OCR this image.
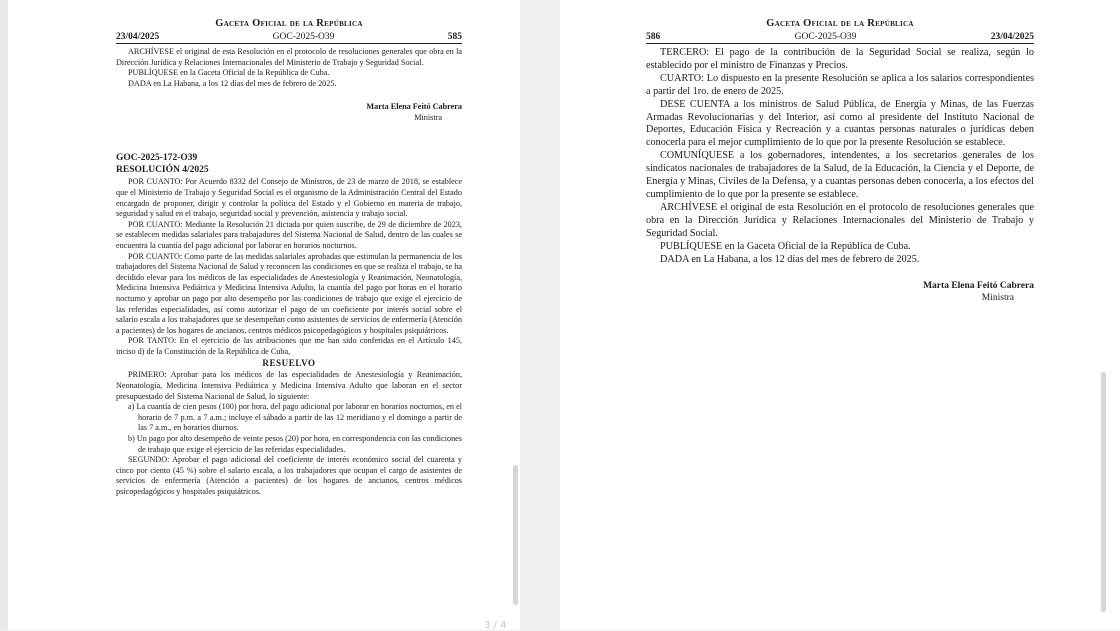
Gaceta Oficial de la República
23/04/2025	GOC-2025-O39	585

ARCHÍVESE el original de esta Resolución en el protocolo de resoluciones generales que obra en la Dirección Jurídica y Relaciones Internacionales del Ministerio de Trabajo y Seguridad Social.

PUBLÍQUESE en la Gaceta Oficial de la República de Cuba.

DADA en La Habana, a los 12 días del mes de febrero de 2025.

Marta Elena Feitó Cabrera
Ministra
GOC-2025-172-O39
RESOLUCIÓN 4/2025

POR CUANTO: Por Acuerdo 8332 del Consejo de Ministros, de 23 de marzo de 2018, se establece que el Ministerio de Trabajo y Seguridad Social es el organismo de la Administración Central del Estado encargado de proponer, dirigir y controlar la política del Estado y el Gobierno en materia de trabajo, seguridad y salud en el trabajo, seguridad social y prevención, asistencia y trabajo social.

POR CUANTO: Mediante la Resolución 21 dictada por quien suscribe, de 29 de diciembre de 2023, se establecen medidas salariales para trabajadores del Sistema Nacional de Salud, dentro de las cuales se encuentra la cuantía del pago adicional por laborar en horarios nocturnos.

POR CUANTO: Como parte de las medidas salariales aprobadas que estimulan la permanencia de los trabajadores del Sistema Nacional de Salud y reconocen las condiciones en que se realiza el trabajo, se ha decidido elevar para los médicos de las especialidades de Anestesiología y Reanimación, Neonatología, Medicina Intensiva Pediátrica y Medicina Intensiva Adulto, la cuantía del pago por horas en el horario nocturno y aprobar un pago por alto desempeño por las condiciones de trabajo que exige el ejercicio de las referidas especialidades, así como autorizar el pago de un coeficiente por interés social sobre el salario escala a los trabajadores que se desempeñan como asistentes de servicios de enfermería (Atención a pacientes) de los hogares de ancianos, centros médicos psicopedagógicos y hospitales psiquiátricos.

POR TANTO: En el ejercicio de las atribuciones que me han sido conferidas en el Artículo 145, inciso d) de la Constitución de la República de Cuba,

RESUELVO

PRIMERO: Aprobar para los médicos de las especialidades de Anestesiología y Reanimación, Neonatología, Medicina Intensiva Pediátrica y Medicina Intensiva Adulto que laboran en el sector presupuestado del Sistema Nacional de Salud, lo siguiente:

a) La cuantía de cien pesos (100) por hora, del pago adicional por laborar en horarios nocturnos, en el horario de 7 p.m. a 7 a.m.; incluye el sábado a partir de las 12 meridiano y el domingo a partir de las 7 a.m., en horarios diurnos.

b) Un pago por alto desempeño de veinte pesos (20) por hora, en correspondencia con las condiciones de trabajo que exige el ejercicio de las referidas especialidades.

SEGUNDO: Aprobar el pago adicional del coeficiente de interés económico social del cuarenta y cinco por ciento (45 %) sobre el salario escala, a los trabajadores que ocupan el cargo de asistentes de servicios de enfermería (Atención a pacientes) de los hogares de ancianos, centros médicos psicopedagógicos y hospitales psiquiátricos.

3 / 4
Gaceta Oficial de la República
586	GOC-2025-O39	23/04/2025

TERCERO: El pago de la contribución de la Seguridad Social se realiza, según lo establecido por el ministro de Finanzas y Precios.

CUARTO: Lo dispuesto en la presente Resolución se aplica a los salarios correspondientes a partir del 1ro. de enero de 2025.

DESE CUENTA a los ministros de Salud Pública, de Energía y Minas, de las Fuerzas Armadas Revolucionarias y del Interior, así como al presidente del Instituto Nacional de Deportes, Educación Física y Recreación y a cuantas personas naturales o jurídicas deben conocerla para el mejor cumplimiento de lo que por la presente Resolución se establece.

COMUNÍQUESE a los gobernadores, intendentes, a los secretarios generales de los sindicatos nacionales de trabajadores de la Salud, de la Educación, la Ciencia y el Deporte, de Energía y Minas, Civiles de la Defensa, y a cuantas personas deben conocerla, a los efectos del cumplimiento de lo que por la presente se establece.

ARCHÍVESE el original de esta Resolución en el protocolo de resoluciones generales que obra en la Dirección Jurídica y Relaciones Internacionales del Ministerio de Trabajo y Seguridad Social.

PUBLÍQUESE en la Gaceta Oficial de la República de Cuba.

DADA en La Habana, a los 12 días del mes de febrero de 2025.

Marta Elena Feitó Cabrera
Ministra
